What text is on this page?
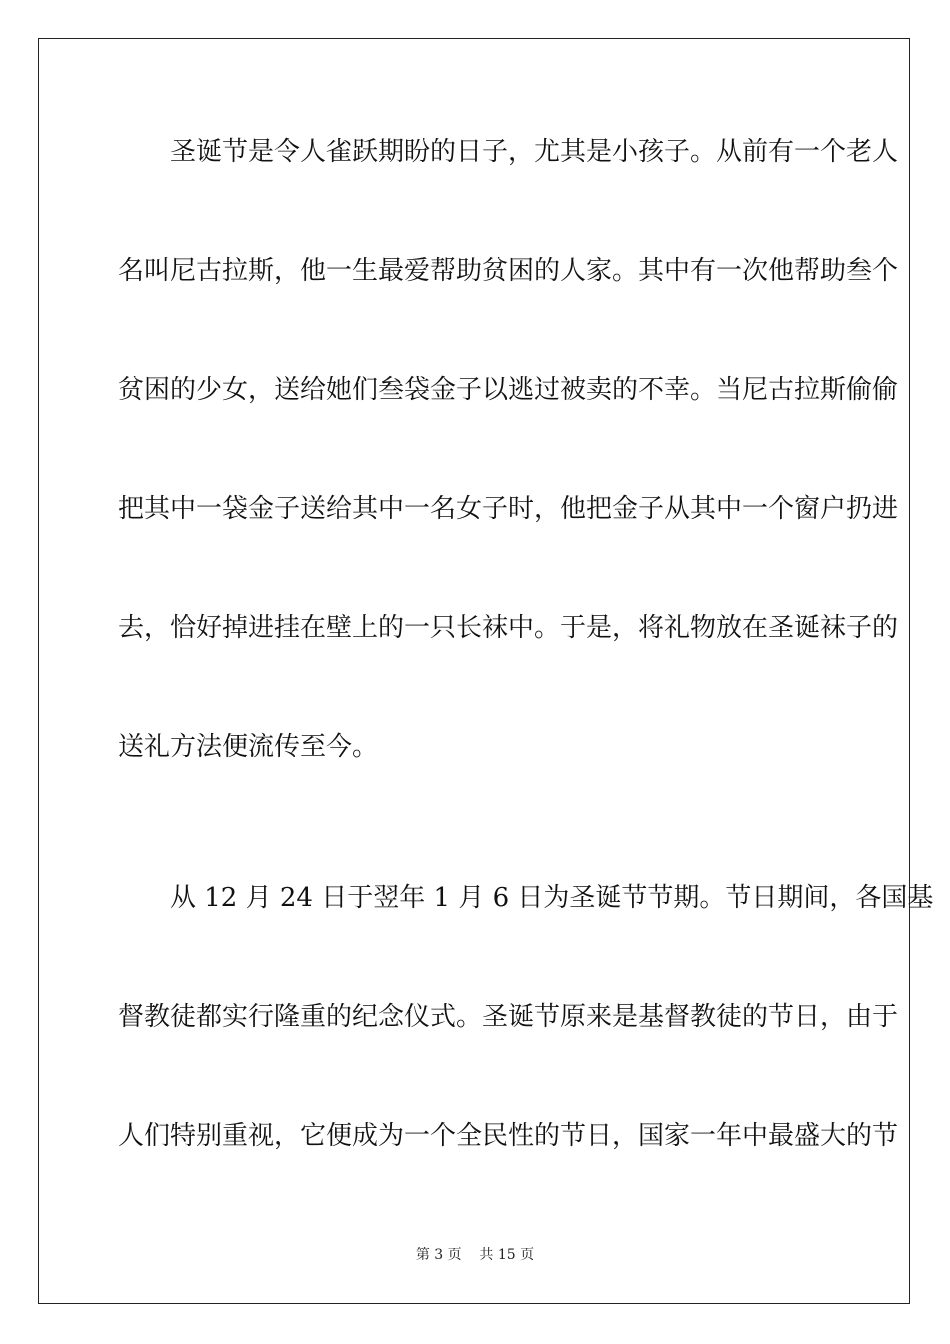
圣诞节是令人雀跃期盼的日子，尤其是小孩子。从前有一个老人
名叫尼古拉斯，他一生最爱帮助贫困的人家。其中有一次他帮助叁个
贫困的少女，送给她们叁袋金子以逃过被卖的不幸。当尼古拉斯偷偷
把其中一袋金子送给其中一名女子时，他把金子从其中一个窗户扔进
去，恰好掉进挂在壁上的一只长袜中。于是，将礼物放在圣诞袜子的
送礼方法便流传至今。
从 12 月 24 日于翌年 1 月 6 日为圣诞节节期。节日期间，各国基
督教徒都实行隆重的纪念仪式。圣诞节原来是基督教徒的节日，由于
人们特别重视，它便成为一个全民性的节日，国家一年中最盛大的节
第 3 页    共 15 页
